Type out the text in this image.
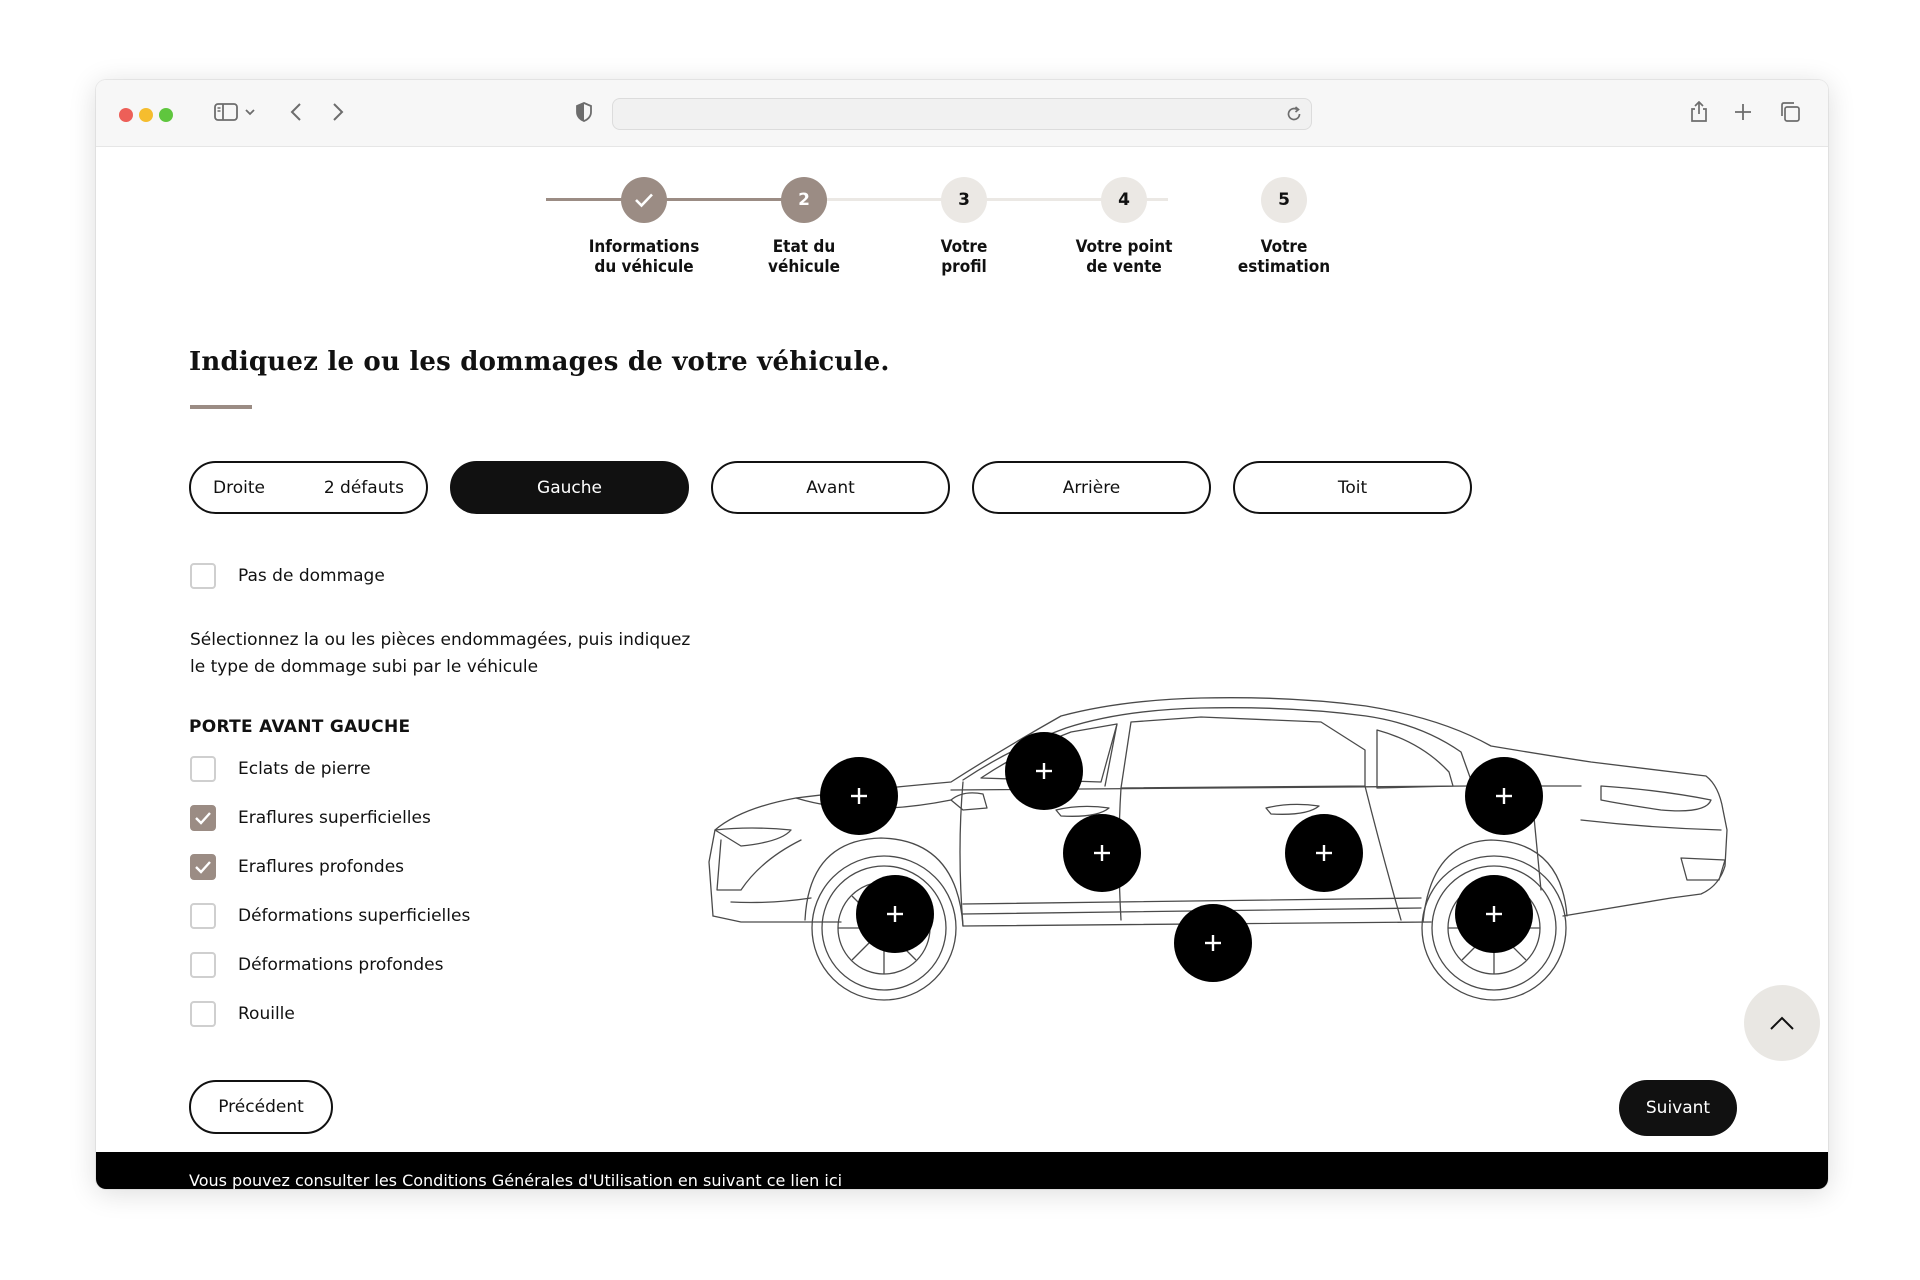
Informations
du véhicule
2
Etat du
véhicule
3
Votre
profil
4
Votre point
de vente
5
Votre
estimation
Indiquez le ou les dommages de votre véhicule.
Droite	2 défauts	Gauche	Avant	Arrière	Toit
Pas de dommage
Sélectionnez la ou les pièces endommagées, puis indiquez
le type de dommage subi par le véhicule
PORTE AVANT GAUCHE
Eclats de pierre
Eraflures superficielles
Eraflures profondes
Déformations superficielles
Déformations profondes
Rouille
Précédent	Suivant
Vous pouvez consulter les Conditions Générales d'Utilisation en suivant ce lien ici
